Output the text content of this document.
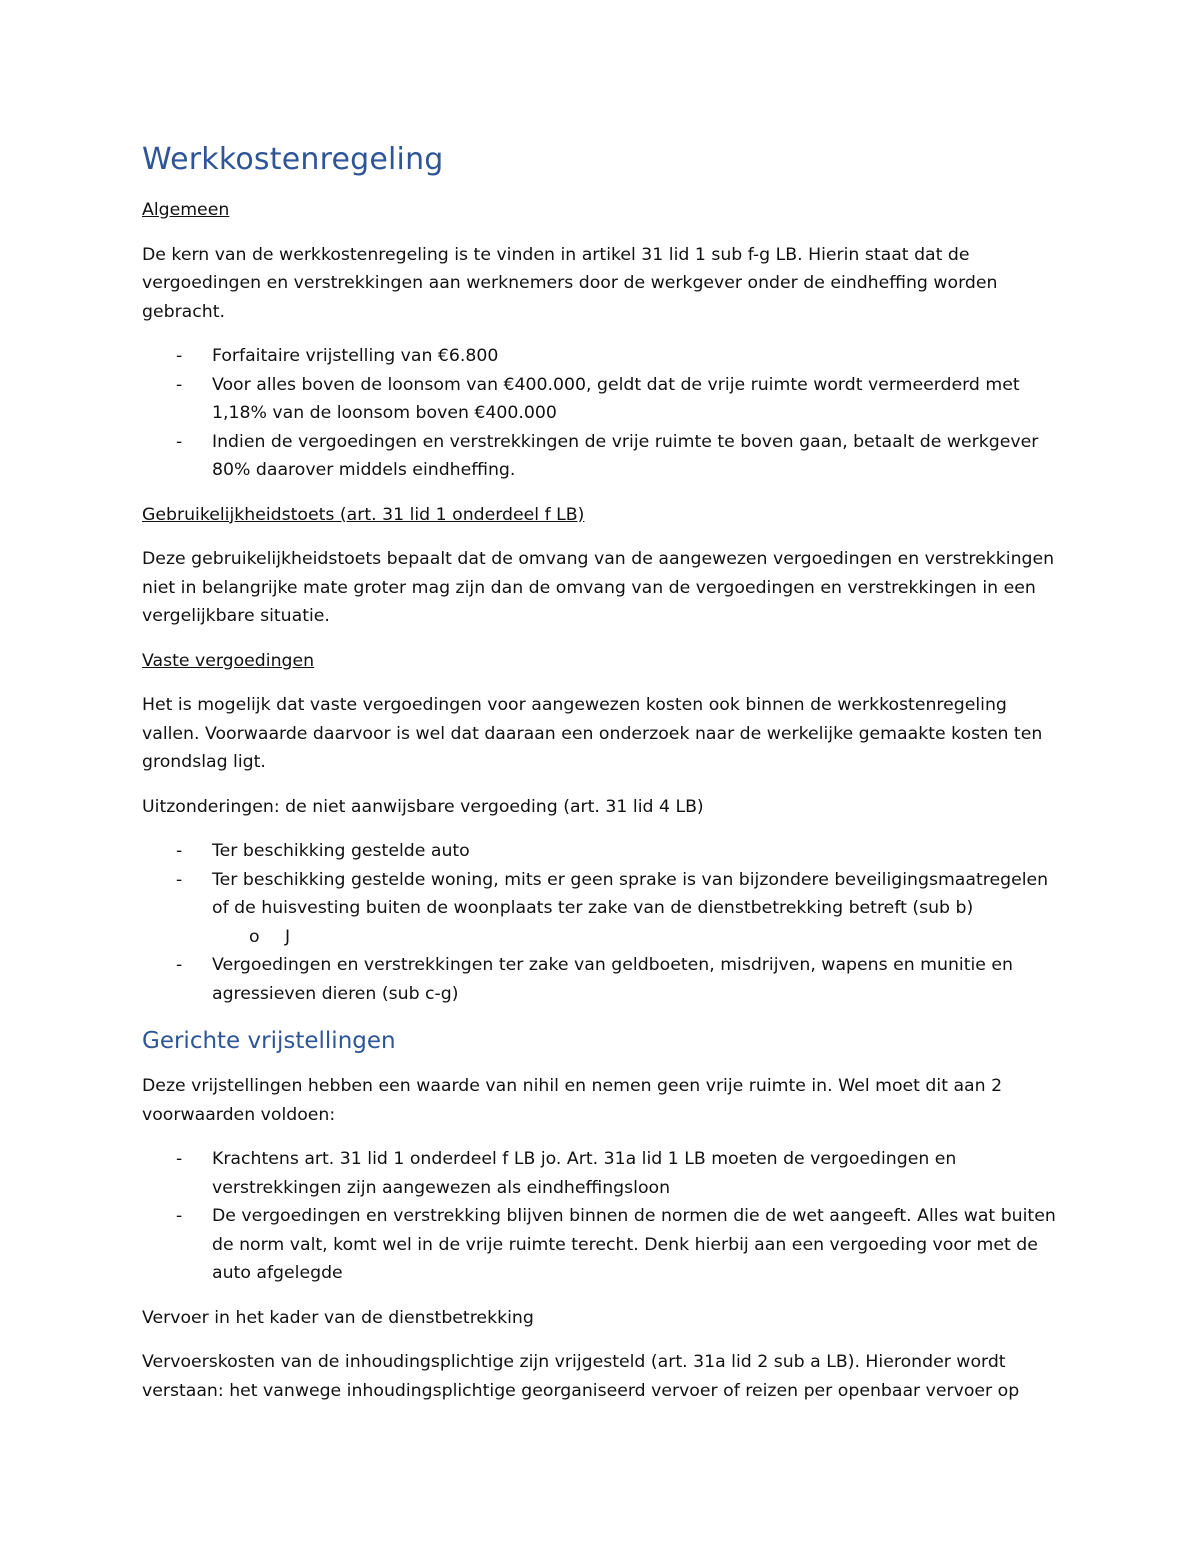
Werkkostenregeling

Algemeen

De kern van de werkkostenregeling is te vinden in artikel 31 lid 1 sub f-g LB. Hierin staat dat de vergoedingen en verstrekkingen aan werknemers door de werkgever onder de eindheffing worden gebracht.

- Forfaitaire vrijstelling van €6.800
- Voor alles boven de loonsom van €400.000, geldt dat de vrije ruimte wordt vermeerderd met 1,18% van de loonsom boven €400.000
- Indien de vergoedingen en verstrekkingen de vrije ruimte te boven gaan, betaalt de werkgever 80% daarover middels eindheffing.

Gebruikelijkheidstoets (art. 31 lid 1 onderdeel f LB)

Deze gebruikelijkheidstoets bepaalt dat de omvang van de aangewezen vergoedingen en verstrekkingen niet in belangrijke mate groter mag zijn dan de omvang van de vergoedingen en verstrekkingen in een vergelijkbare situatie.

Vaste vergoedingen

Het is mogelijk dat vaste vergoedingen voor aangewezen kosten ook binnen de werkkostenregeling vallen. Voorwaarde daarvoor is wel dat daaraan een onderzoek naar de werkelijke gemaakte kosten ten grondslag ligt.

Uitzonderingen: de niet aanwijsbare vergoeding (art. 31 lid 4 LB)

- Ter beschikking gestelde auto
- Ter beschikking gestelde woning, mits er geen sprake is van bijzondere beveiligingsmaatregelen of de huisvesting buiten de woonplaats ter zake van de dienstbetrekking betreft (sub b)
o J
- Vergoedingen en verstrekkingen ter zake van geldboeten, misdrijven, wapens en munitie en agressieven dieren (sub c-g)
Gerichte vrijstellingen

Deze vrijstellingen hebben een waarde van nihil en nemen geen vrije ruimte in. Wel moet dit aan 2 voorwaarden voldoen:

- Krachtens art. 31 lid 1 onderdeel f LB jo. Art. 31a lid 1 LB moeten de vergoedingen en verstrekkingen zijn aangewezen als eindheffingsloon
- De vergoedingen en verstrekking blijven binnen de normen die de wet aangeeft. Alles wat buiten de norm valt, komt wel in de vrije ruimte terecht. Denk hierbij aan een vergoeding voor met de auto afgelegde

Vervoer in het kader van de dienstbetrekking

Vervoerskosten van de inhoudingsplichtige zijn vrijgesteld (art. 31a lid 2 sub a LB). Hieronder wordt verstaan: het vanwege inhoudingsplichtige georganiseerd vervoer of reizen per openbaar vervoer op
